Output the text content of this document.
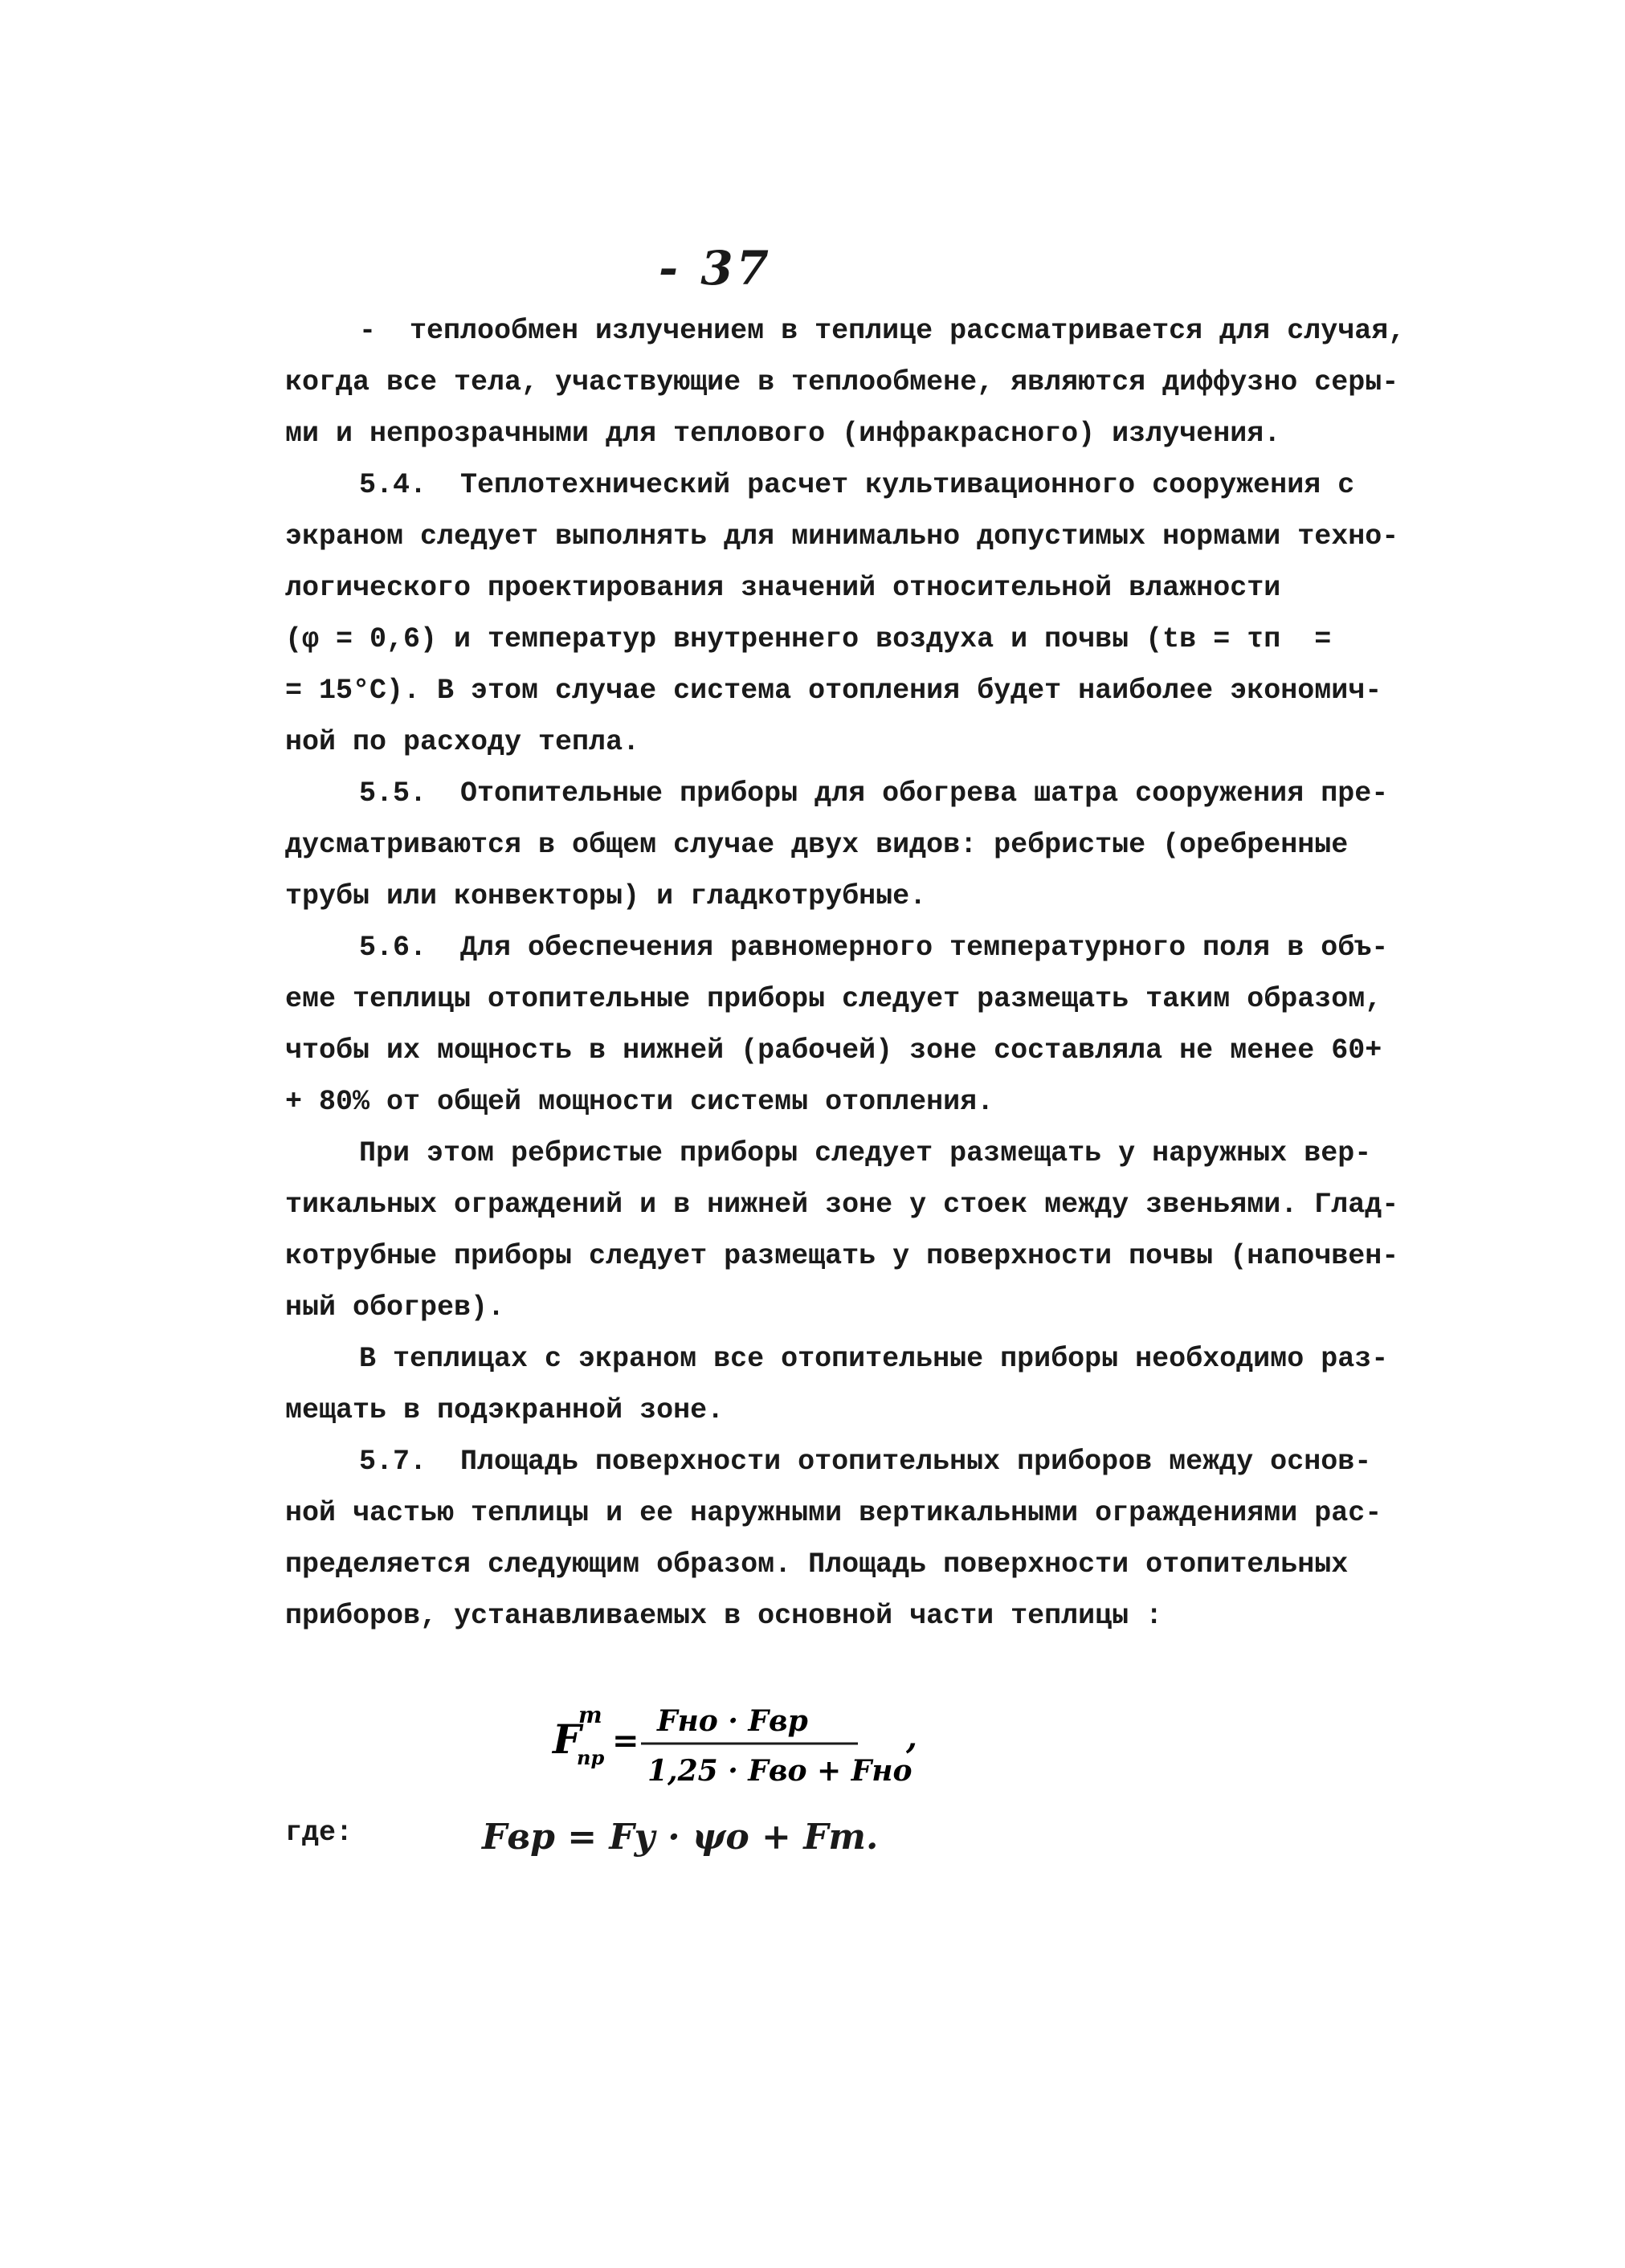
- 37
-  теплообмен излучением в теплице рассматривается для случая,
когда все тела, участвующие в теплообмене, являются диффузно серы-
ми и непрозрачными для теплового (инфракрасного) излучения.
5.4.  Теплотехнический расчет культивационного сооружения с
экраном следует выполнять для минимально допустимых нормами техно-
логического проектирования значений относительной влажности
(φ = 0,6) и температур внутреннего воздуха и почвы (tв = τп  =
= 15°С). В этом случае система отопления будет наиболее экономич-
ной по расходу тепла.
5.5.  Отопительные приборы для обогрева шатра сооружения пре-
дусматриваются в общем случае двух видов: ребристые (оребренные
трубы или конвекторы) и гладкотрубные.
5.6.  Для обеспечения равномерного температурного поля в объ-
еме теплицы отопительные приборы следует размещать таким образом,
чтобы их мощность в нижней (рабочей) зоне составляла не менее 60+
+ 80% от общей мощности системы отопления.
При этом ребристые приборы следует размещать у наружных вер-
тикальных ограждений и в нижней зоне у стоек между звеньями. Глад-
котрубные приборы следует размещать у поверхности почвы (напочвен-
ный обогрев).
В теплицах с экраном все отопительные приборы необходимо раз-
мещать в подэкранной зоне.
5.7.  Площадь поверхности отопительных приборов между основ-
ной частью теплицы и ее наружными вертикальными ограждениями рас-
пределяется следующим образом. Площадь поверхности отопительных
приборов, устанавливаемых в основной части теплицы :
F
m
пр =
Fно · Fвр
1,25 · Fво + Fно
,
где:	Fвр = Fу · ψо + Fт.
